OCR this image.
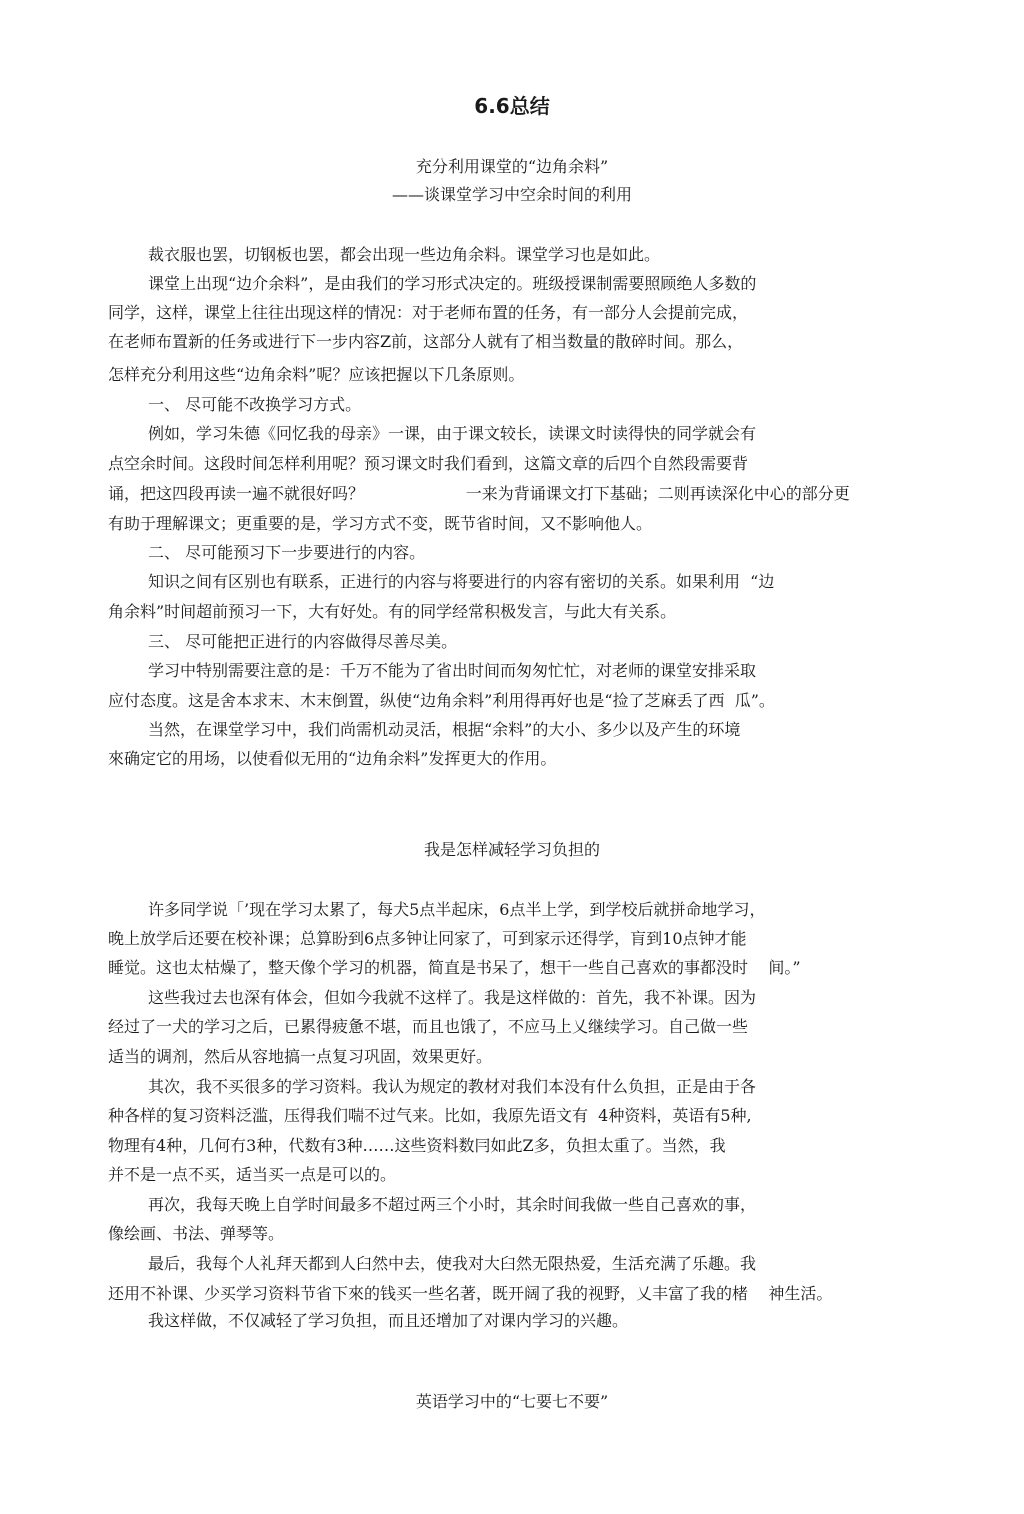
6.6总结
充分利用课堂的“边角余料”
——谈课堂学习中空余时间的利用
裁衣服也罢，切钢板也罢，都会出现一些边角余料。课堂学习也是如此。
课堂上出现“边介余料”，是由我们的学习形式决定的。班级授课制需要照顾绝人多数的
同学，这样，课堂上往往出现这样的情况：对于老师布置的任务，有一部分人会提前完成，
在老师布置新的任务或进行下一步内容Z前，这部分人就有了相当数量的散碎时间。那么，
怎样充分利用这些“边角余料”呢？应该把握以下几条原则。
一、 尽可能不改换学习方式。
例如，学习朱德《冋忆我的母亲》一课，由于课文较长，读课文时读得快的同学就会有
点空余时间。这段时间怎样利用呢？预习课文时我们看到，这篇文章的后四个自然段需要背
诵，把这四段再读一遍不就很好吗？                    一来为背诵课文打下基础；二则再读深化中心的部分更
有助于理解课文；更重要的是，学习方式不变，既节省时间，又不影响他人。
二、 尽可能预习下一步要进行的内容。
知识之间有区别也有联系，正进行的内容与将要进行的内容有密切的关系。如果利用  “边
角余料”时间超前预习一下，大有好处。有的同学经常积极发言，与此大有关系。
三、 尽可能把正进行的内容做得尽善尽美。
学习中特别需要注意的是：千万不能为了省出时间而匆匆忙忙，对老师的课堂安排采取
应付态度。这是舍本求末、木末倒置，纵使“边角余料”利用得再好也是“捡了芝麻丢了西  瓜”。
当然，在课堂学习中，我们尚需机动灵活，根据“余料”的大小、多少以及产生的环境
來确定它的用场，以使看似无用的“边角余料”发挥更大的作用。
我是怎样减轻学习负担的
许多同学说「’现在学习太累了，每犬5点半起床，6点半上学，到学校后就拼命地学习，
晚上放学后还要在校补课；总算盼到6点多钟让冋家了，可到家示还得学，肓到10点钟才能
睡觉。这也太枯燥了，整天像个学习的机器，简直是书呆了，想干一些自己喜欢的事都没时    间。”
这些我过去也深有体会，但如今我就不这样了。我是这样做的：首先，我不补课。因为
经过了一犬的学习之后，已累得疲惫不堪，而且也饿了，不应马上乂继续学习。自己做一些
适当的调剂，然后从容地搞一点复习巩固，效果更好。
其次，我不买很多的学习资料。我认为规定的教材对我们本没有什么负担，正是由于各
种各样的复习资料泛滥，压得我们喘不过气来。比如，我原先语文有  4种资料，英语有5种,
物理有4种，几何冇3种，代数有3种……这些资料数冃如此Z多，负担太重了。当然，我
并不是一点不买，适当买一点是可以的。
再次，我每天晚上自学时间最多不超过两三个小时，其余时间我做一些自己喜欢的事，
像绘画、书法、弹琴等。
最后，我每个人礼拜天都到人臼然中去，使我对大臼然无限热爱，生活充满了乐趣。我
还用不补课、少买学习资料节省下來的钱买一些名著，既开阔了我的视野，乂丰富了我的楮    神生活。
我这样做，不仅减轻了学习负担，而且还增加了对课内学习的兴趣。
英语学习中的“七要七不要”
